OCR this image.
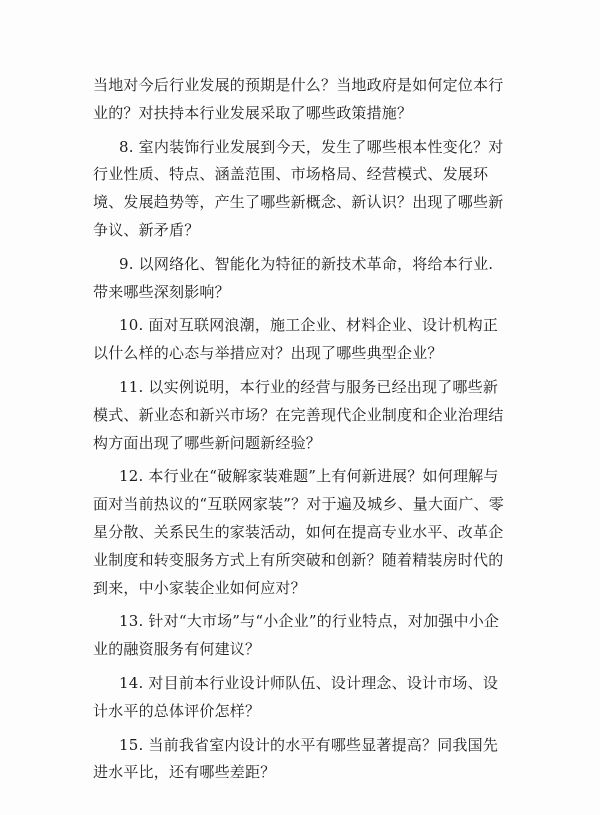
当地对今后行业发展的预期是什么？当地政府是如何定位本行业的？对扶持本行业发展采取了哪些政策措施？

8. 室内装饰行业发展到今天，发生了哪些根本性变化？对行业性质、特点、涵盖范围、市场格局、经营模式、发展环境、发展趋势等，产生了哪些新概念、新认识？出现了哪些新争议、新矛盾？

9. 以网络化、智能化为特征的新技术革命，将给本行业. 带来哪些深刻影响？

10. 面对互联网浪潮，施工企业、材料企业、设计机构正以什么样的心态与举措应对？出现了哪些典型企业？

11. 以实例说明，本行业的经营与服务已经出现了哪些新模式、新业态和新兴市场？在完善现代企业制度和企业治理结构方面出现了哪些新问题新经验？

12. 本行业在“破解家装难题”上有何新进展？如何理解与面对当前热议的“互联网家装”？对于遍及城乡、量大面广、零星分散、关系民生的家装活动，如何在提高专业水平、改革企业制度和转变服务方式上有所突破和创新？随着精装房时代的到来，中小家装企业如何应对？

13. 针对“大市场”与“小企业”的行业特点，对加强中小企业的融资服务有何建议？

14. 对目前本行业设计师队伍、设计理念、设计市场、设计水平的总体评价怎样？

15. 当前我省室内设计的水平有哪些显著提高？同我国先进水平比，还有哪些差距？
